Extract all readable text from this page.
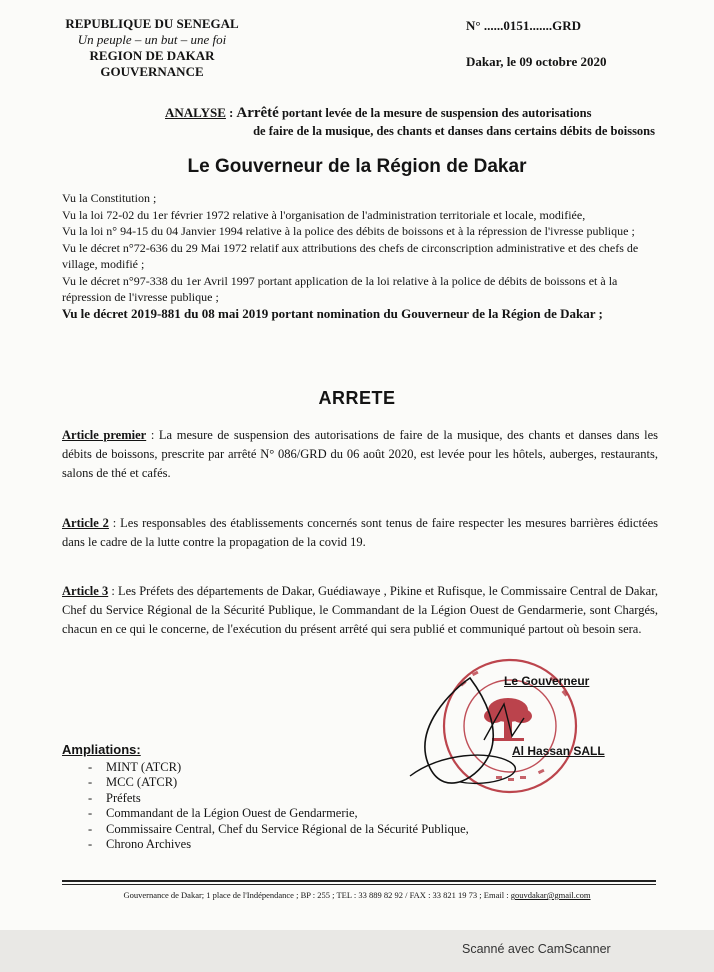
REPUBLIQUE DU SENEGAL
Un peuple – un but – une foi
REGION DE DAKAR
GOUVERNANCE
N° ......0151.......GRD
Dakar, le 09 octobre 2020
ANALYSE : Arrêté portant levée de la mesure de suspension des autorisations
de faire de la musique, des chants et danses dans certains débits de boissons
Le Gouverneur de la Région de Dakar
Vu la Constitution ;
Vu la loi 72-02 du 1er février 1972 relative à l'organisation de l'administration territoriale et locale, modifiée,
Vu la loi n° 94-15 du 04 Janvier 1994 relative à la police des débits de boissons et à la répression de l'ivresse publique ;
Vu le décret n°72-636 du 29 Mai 1972 relatif aux attributions des chefs de circonscription administrative et des chefs de village, modifié ;
Vu le décret n°97-338 du 1er Avril 1997 portant application de la loi relative à la police de débits de boissons et à la répression de l'ivresse publique ;
Vu le décret 2019-881 du 08 mai 2019 portant nomination du Gouverneur de la Région de Dakar ;
ARRETE
Article premier : La mesure de suspension des autorisations de faire de la musique, des chants et danses dans les débits de boissons, prescrite par arrêté N° 086/GRD du 06 août 2020, est levée pour les hôtels, auberges, restaurants, salons de thé et cafés.
Article 2 : Les responsables des établissements concernés sont tenus de faire respecter les mesures barrières édictées dans le cadre de la lutte contre la propagation de la covid 19.
Article 3 : Les Préfets des départements de Dakar, Guédiawaye , Pikine et Rufisque, le Commissaire Central de Dakar, Chef du Service Régional de la Sécurité Publique, le Commandant de la Légion Ouest de Gendarmerie, sont Chargés, chacun en ce qui le concerne, de l'exécution du présent arrêté qui sera publié et communiqué partout où besoin sera.
Le Gouverneur
Al Hassan SALL
Ampliations:
- MINT (ATCR)
- MCC (ATCR)
- Préfets
- Commandant de la Légion Ouest de Gendarmerie,
- Commissaire Central, Chef du Service Régional de la Sécurité Publique,
- Chrono Archives
Gouvernance de Dakar; 1 place de l'Indépendance ; BP : 255 ; TEL : 33 889 82 92 / FAX : 33 821 19 73 ; Email : gouvdakar@gmail.com
Scanné avec CamScanner
